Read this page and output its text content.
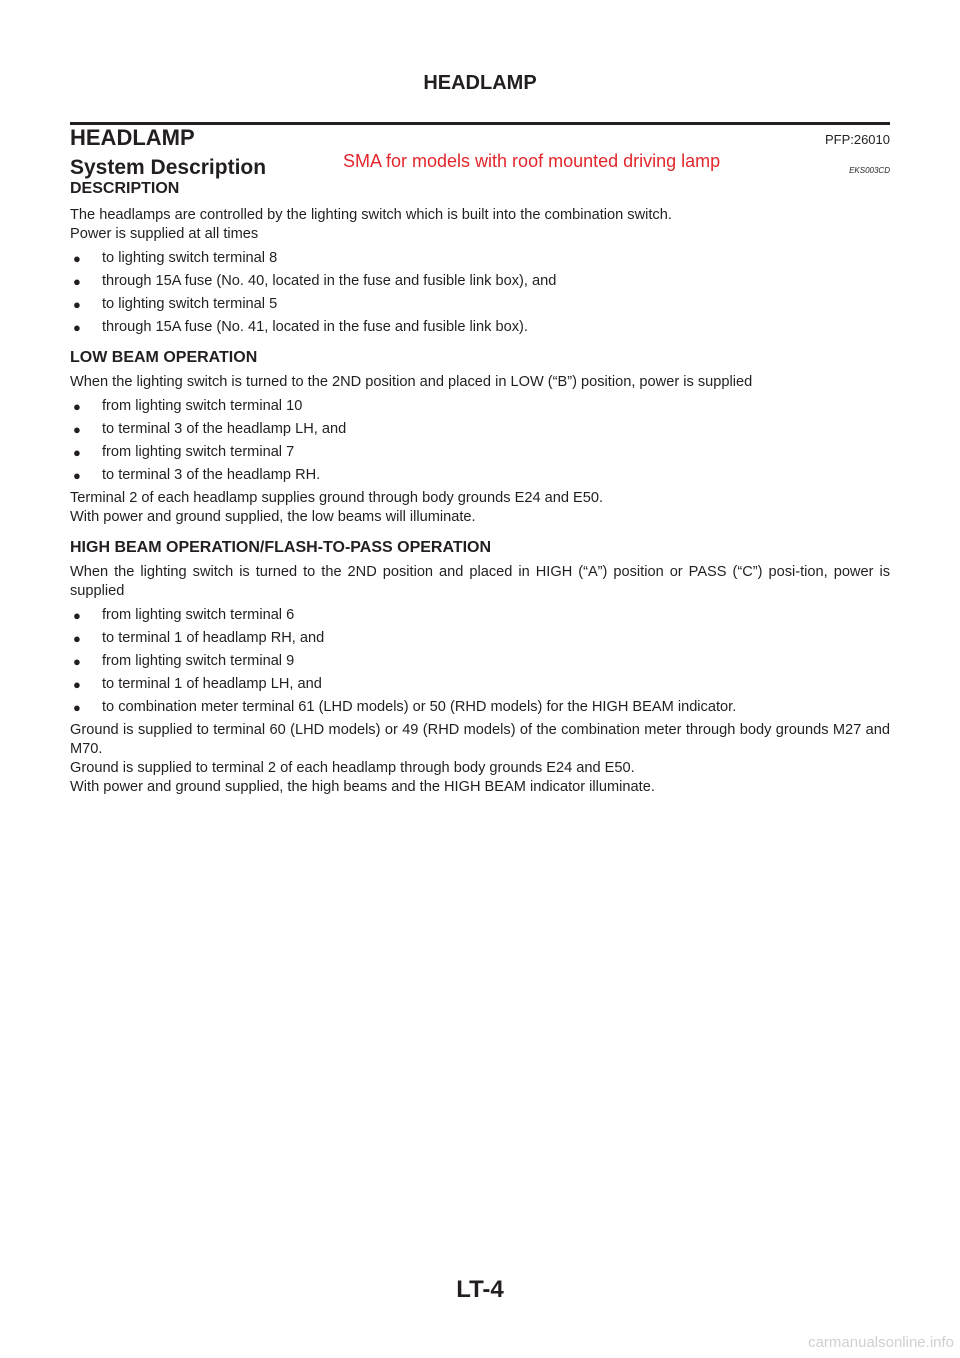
HEADLAMP
HEADLAMP	PFP:26010
System Description	SMA for models with roof mounted driving lamp	EKS003CD
DESCRIPTION

The headlamps are controlled by the lighting switch which is built into the combination switch.

Power is supplied at all times

● to lighting switch terminal 8
● through 15A fuse (No. 40, located in the fuse and fusible link box), and
● to lighting switch terminal 5
● through 15A fuse (No. 41, located in the fuse and fusible link box).
LOW BEAM OPERATION

When the lighting switch is turned to the 2ND position and placed in LOW (“B”) position, power is supplied

● from lighting switch terminal 10
● to terminal 3 of the headlamp LH, and
● from lighting switch terminal 7
● to terminal 3 of the headlamp RH.

Terminal 2 of each headlamp supplies ground through body grounds E24 and E50.

With power and ground supplied, the low beams will illuminate.

HIGH BEAM OPERATION/FLASH-TO-PASS OPERATION

When the lighting switch is turned to the 2ND position and placed in HIGH (“A”) position or PASS (“C”) posi-tion, power is supplied

● from lighting switch terminal 6
● to terminal 1 of headlamp RH, and
● from lighting switch terminal 9
● to terminal 1 of headlamp LH, and
● to combination meter terminal 61 (LHD models) or 50 (RHD models) for the HIGH BEAM indicator.

Ground is supplied to terminal 60 (LHD models) or 49 (RHD models) of the combination meter through body grounds M27 and M70.

Ground is supplied to terminal 2 of each headlamp through body grounds E24 and E50.

With power and ground supplied, the high beams and the HIGH BEAM indicator illuminate.

LT-4
carmanualsonline.info
